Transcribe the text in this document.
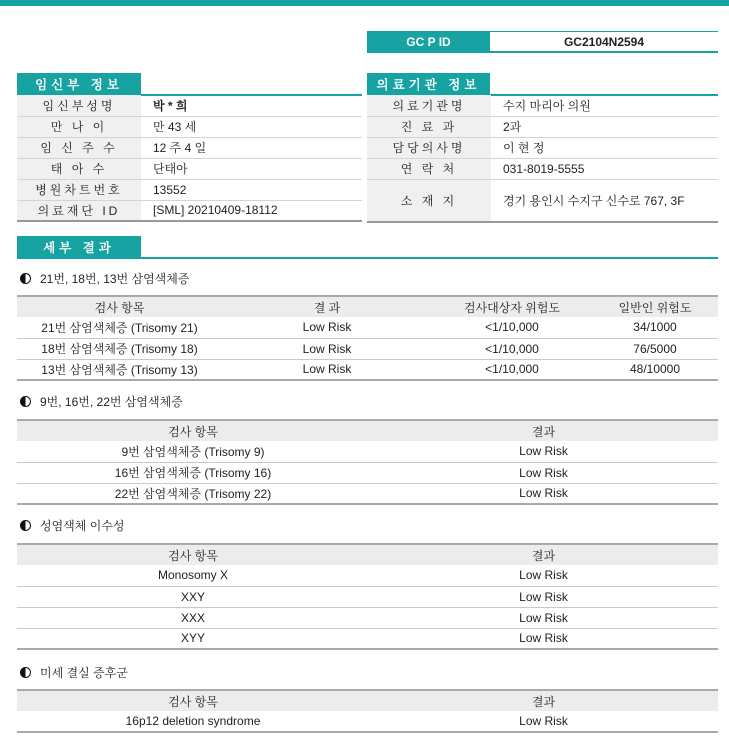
GC P ID	GC2104N2594
임신부 정보
임신부성명	박 * 희
만 나 이	만 43 세
임 신 주 수	12 주 4 일
태 아 수	단태아
병원차트번호	13552
의료재단 ID	[SML] 20210409-18112
의료기관 정보
의료기관명	수지 마리아 의원
진 료 과	2과
담당의사명	이 현 정
연 락 처	031-8019-5555
소 재 지	경기 용인시 수지구 신수로 767, 3F
세부 결과
21번, 18번, 13번 삼염색체증
검사 항목	결 과	검사대상자 위험도	일반인 위험도
21번 삼염색체증 (Trisomy 21)	Low Risk	<1/10,000	34/1000
18번 삼염색체증 (Trisomy 18)	Low Risk	<1/10,000	76/5000
13번 삼염색체증 (Trisomy 13)	Low Risk	<1/10,000	48/10000
9번, 16번, 22번 삼염색체증
검사 항목	결과
9번 삼염색체증 (Trisomy 9)	Low Risk
16번 삼염색체증 (Trisomy 16)	Low Risk
22번 삼염색체증 (Trisomy 22)	Low Risk
성염색체 이수성
검사 항목	결과
Monosomy X	Low Risk
XXY	Low Risk
XXX	Low Risk
XYY	Low Risk
미세 결실 증후군
검사 항목	결과
16p12 deletion syndrome	Low Risk
